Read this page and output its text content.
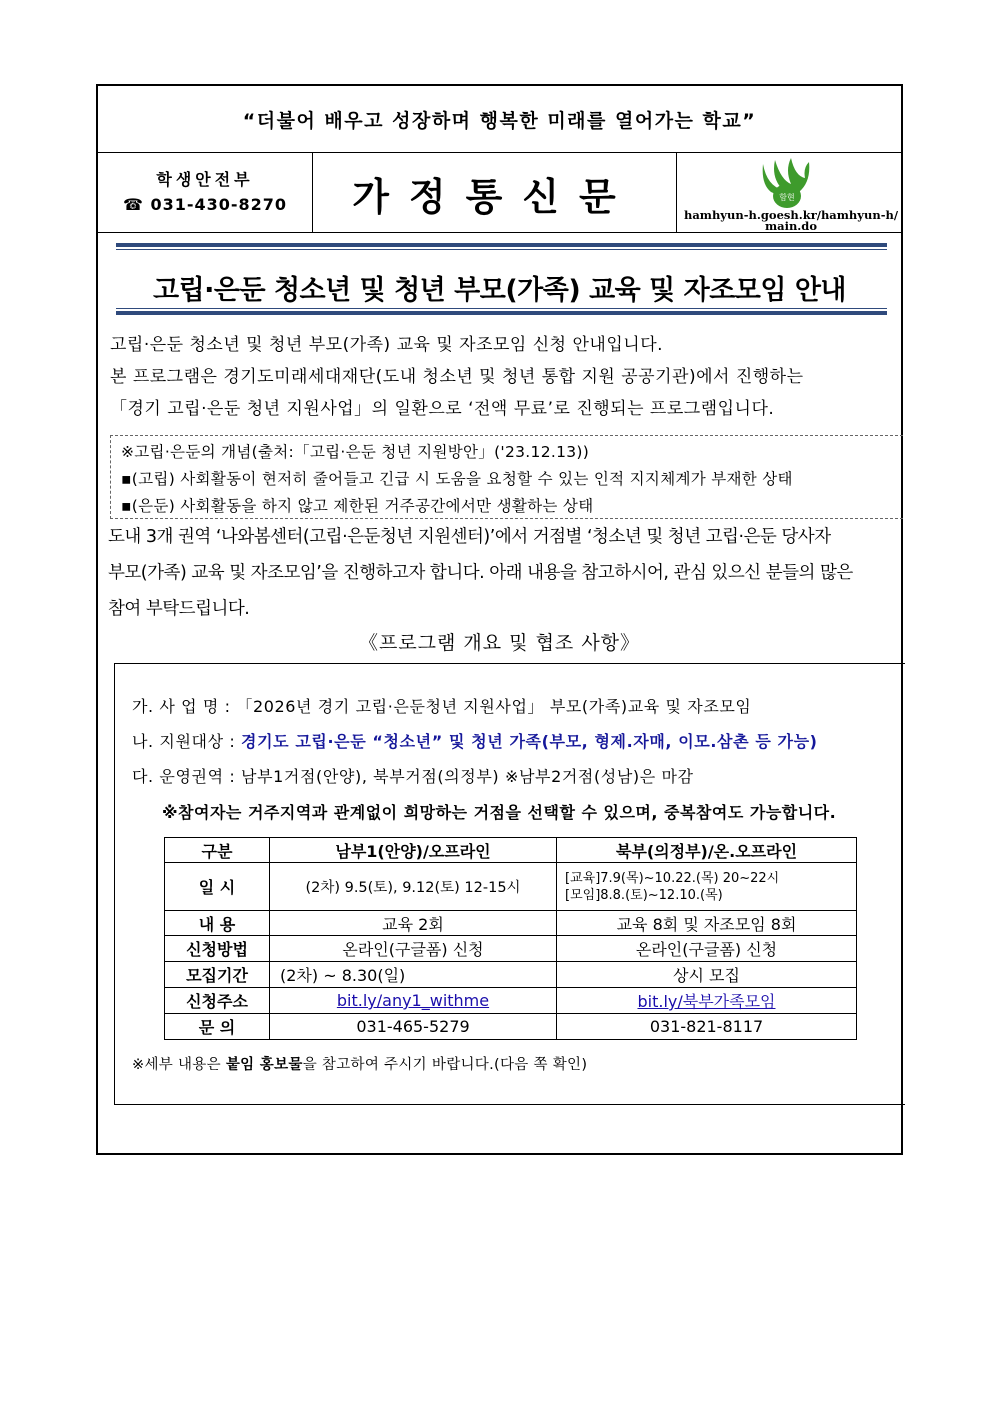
“더불어 배우고 성장하며 행복한 미래를 열어가는 학교”
학생안전부
☎ 031-430-8270	가정통신문	함현
hamhyun-h.goesh.kr/hamhyun-h/main.do
고립·은둔 청소년 및 청년 부모(가족) 교육 및 자조모임 안내
고립·은둔 청소년 및 청년 부모(가족) 교육 및 자조모임 신청 안내입니다.
본 프로그램은 경기도미래세대재단(도내 청소년 및 청년 통합 지원 공공기관)에서 진행하는
「경기 고립·은둔 청년 지원사업」의 일환으로 ‘전액 무료’로 진행되는 프로그램입니다.
※고립·은둔의 개념(출처:「고립·은둔 청년 지원방안」('23.12.13))
▪(고립) 사회활동이 현저히 줄어들고 긴급 시 도움을 요청할 수 있는 인적 지지체계가 부재한 상태
▪(은둔) 사회활동을 하지 않고 제한된 거주공간에서만 생활하는 상태
도내 3개 권역 ‘나와봄센터(고립·은둔청년 지원센터)’에서 거점별 ‘청소년 및 청년 고립·은둔 당사자
부모(가족) 교육 및 자조모임’을 진행하고자 합니다. 아래 내용을 참고하시어, 관심 있으신 분들의 많은
참여 부탁드립니다.
《프로그램 개요 및 협조 사항》
가. 사 업 명 : 「2026년 경기 고립·은둔청년 지원사업」 부모(가족)교육 및 자조모임
나. 지원대상 : 경기도 고립·은둔 “청소년” 및 청년 가족(부모, 형제.자매, 이모.삼촌 등 가능)
다. 운영권역 : 남부1거점(안양), 북부거점(의정부) ※남부2거점(성남)은 마감
※참여자는 거주지역과 관계없이 희망하는 거점을 선택할 수 있으며, 중복참여도 가능합니다.
구분	남부1(안양)/오프라인	북부(의정부)/온.오프라인
일 시	(2차) 9.5(토), 9.12(토) 12-15시	[교육]7.9(목)~10.22.(목) 20~22시
[모임]8.8.(토)~12.10.(목)

내 용	교육 2회	교육 8회 및 자조모임 8회
신청방법	온라인(구글폼) 신청	온라인(구글폼) 신청
모집기간	(2차) ~ 8.30(일)	상시 모집
신청주소	bit.ly/any1_withme	bit.ly/북부가족모임
문 의	031-465-5279	031-821-8117
※세부 내용은 붙임 홍보물을 참고하여 주시기 바랍니다.(다음 쪽 확인)
